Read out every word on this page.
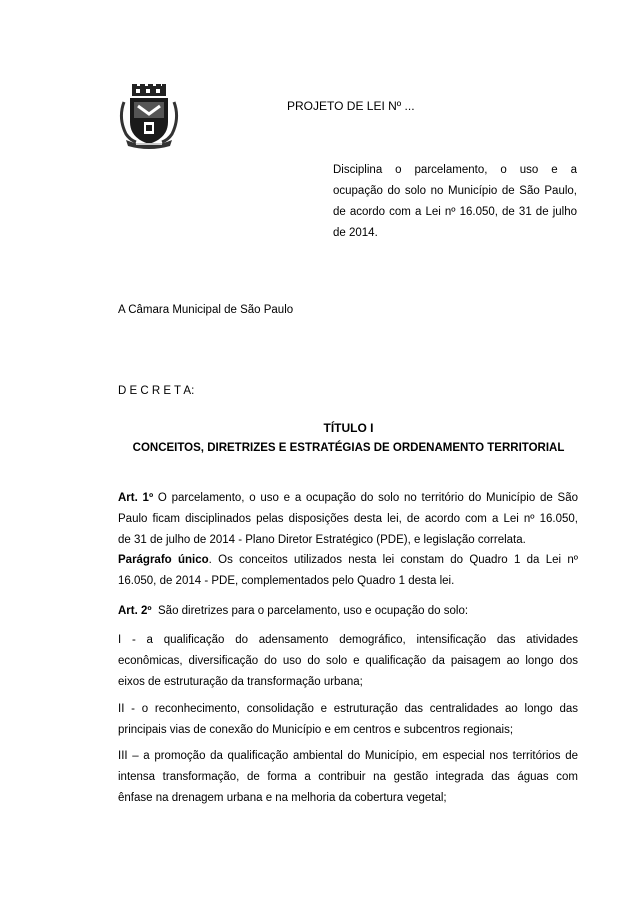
PROJETO DE LEI Nº ...
Disciplina o parcelamento, o uso e a
ocupação do solo no Município de São Paulo,
de acordo com a Lei nº 16.050, de 31 de julho
de 2014.
A Câmara Municipal de São Paulo
D E C R E T A:
TÍTULO I
CONCEITOS, DIRETRIZES E ESTRATÉGIAS DE ORDENAMENTO TERRITORIAL
Art. 1º O parcelamento, o uso e a ocupação do solo no território do Município de São
Paulo ficam disciplinados pelas disposições desta lei, de acordo com a Lei nº 16.050,
de 31 de julho de 2014 - Plano Diretor Estratégico (PDE), e legislação correlata.
Parágrafo único. Os conceitos utilizados nesta lei constam do Quadro 1 da Lei nº
16.050, de 2014 - PDE, complementados pelo Quadro 1 desta lei.
Art. 2º  São diretrizes para o parcelamento, uso e ocupação do solo:
I - a qualificação do adensamento demográfico, intensificação das atividades
econômicas, diversificação do uso do solo e qualificação da paisagem ao longo dos
eixos de estruturação da transformação urbana;
II - o reconhecimento, consolidação e estruturação das centralidades ao longo das
principais vias de conexão do Município e em centros e subcentros regionais;
III – a promoção da qualificação ambiental do Município, em especial nos territórios de
intensa transformação, de forma a contribuir na gestão integrada das águas com
ênfase na drenagem urbana e na melhoria da cobertura vegetal;
